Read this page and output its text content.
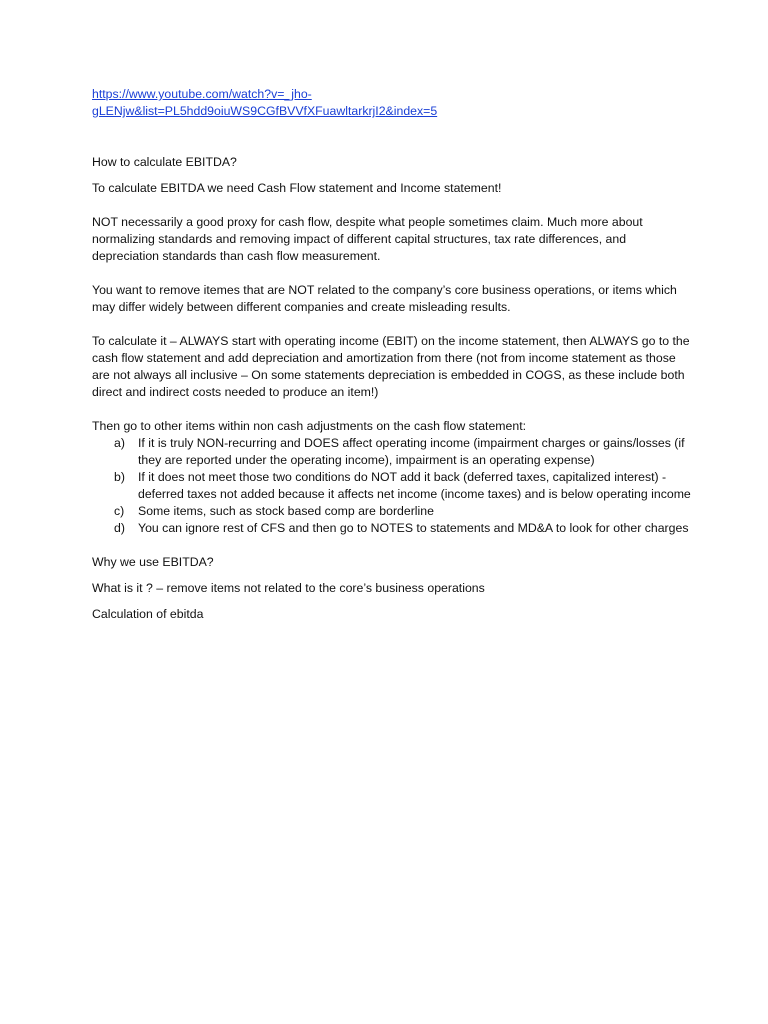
https://www.youtube.com/watch?v=_jho-
gLENjw&list=PL5hdd9oiuWS9CGfBVVfXFuawltarkrjI2&index=5

How to calculate EBITDA?

To calculate EBITDA we need Cash Flow statement and Income statement!

NOT necessarily a good proxy for cash flow, despite what people sometimes claim. Much more about normalizing standards and removing impact of different capital structures, tax rate differences, and depreciation standards than cash flow measurement.

You want to remove itemes that are NOT related to the company’s core business operations, or items which may differ widely between different companies and create misleading results.

To calculate it – ALWAYS start with operating income (EBIT) on the income statement, then ALWAYS go to the cash flow statement and add depreciation and amortization from there (not from income statement as those are not always all inclusive – On some statements depreciation is embedded in COGS, as these include both direct and indirect costs needed to produce an item!)

Then go to other items within non cash adjustments on the cash flow statement:

a) If it is truly NON-recurring and DOES affect operating income (impairment charges or gains/losses (if they are reported under the operating income), impairment is an operating expense)
b) If it does not meet those two conditions do NOT add it back (deferred taxes, capitalized interest) - deferred taxes not added because it affects net income (income taxes) and is below operating income
c) Some items, such as stock based comp are borderline
d) You can ignore rest of CFS and then go to NOTES to statements and MD&A to look for other charges

Why we use EBITDA?

What is it ? – remove items not related to the core’s business operations

Calculation of ebitda
